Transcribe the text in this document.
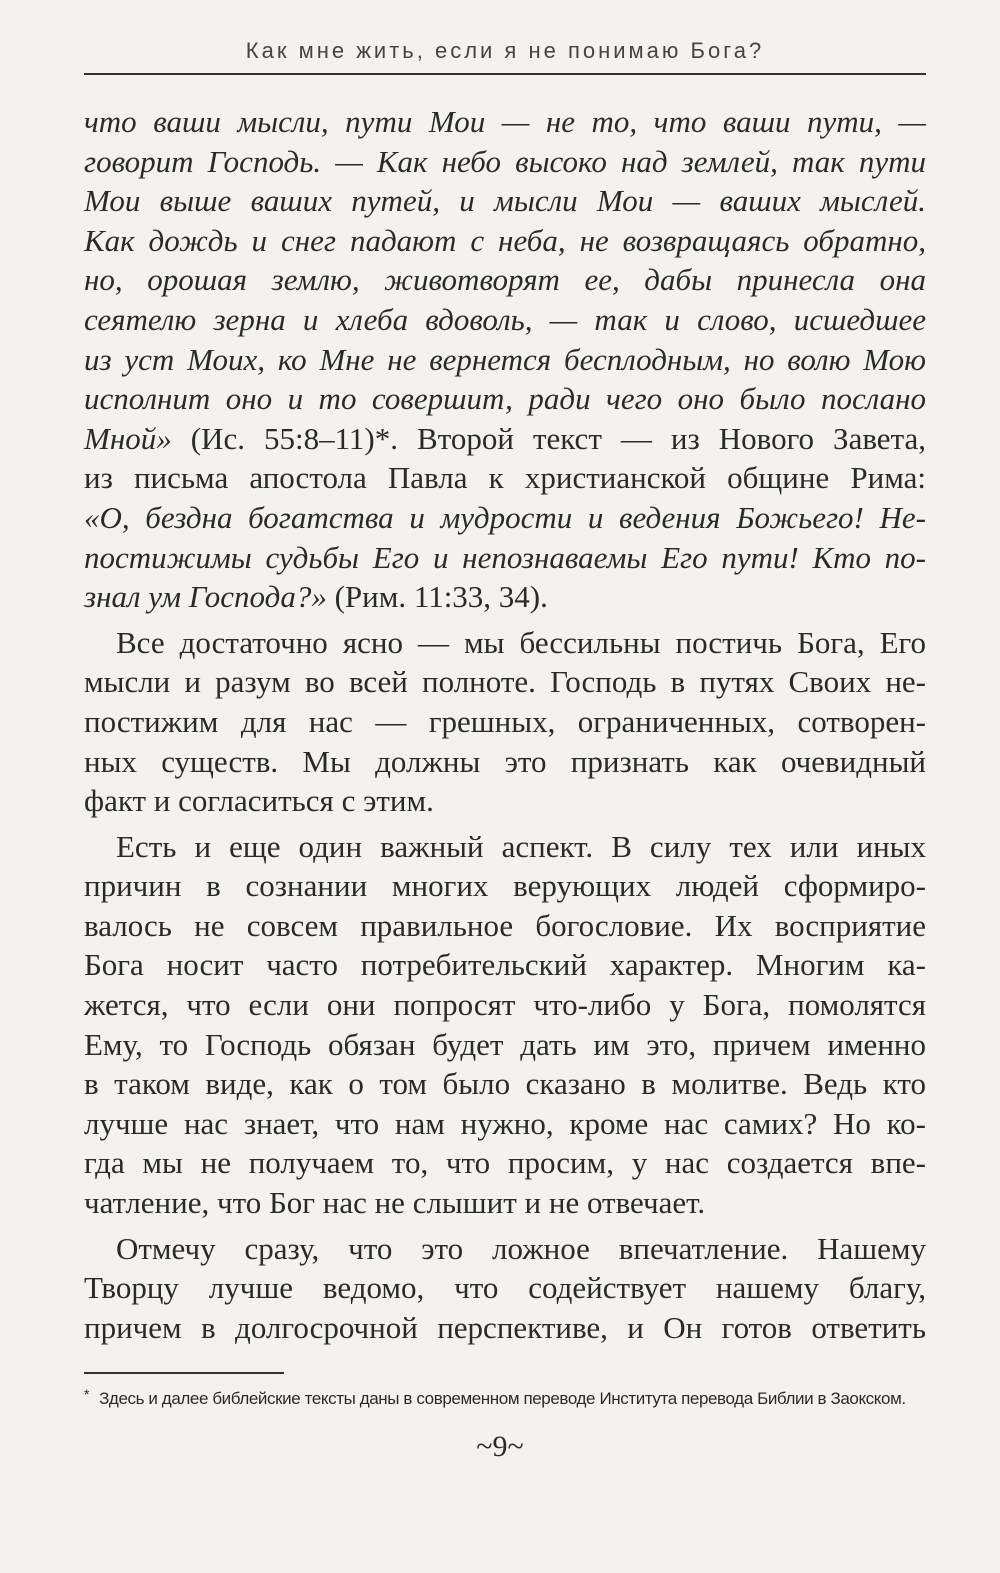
Как мне жить, если я не понимаю Бога?
что ваши мысли, пути Мои — не то, что ваши пути, —
говорит Господь. — Как небо высоко над землей, так пути
Мои выше ваших путей, и мысли Мои — ваших мыслей.
Как дождь и снег падают с неба, не возвращаясь обратно,
но, орошая землю, животворят ее, дабы принесла она
сеятелю зерна и хлеба вдоволь, — так и слово, исшедшее
из уст Моих, ко Мне не вернется бесплодным, но волю Мою
исполнит оно и то совершит, ради чего оно было послано
Мной» (Ис. 55:8–11)*. Второй текст — из Нового Завета,
из письма апостола Павла к христианской общине Рима:
«О, бездна богатства и мудрости и ведения Божьего! Не-
постижимы судьбы Его и непознаваемы Его пути! Кто по-
знал ум Господа?» (Рим. 11:33, 34).
Все достаточно ясно — мы бессильны постичь Бога, Его
мысли и разум во всей полноте. Господь в путях Своих не-
постижим для нас — грешных, ограниченных, сотворен-
ных существ. Мы должны это признать как очевидный
факт и согласиться с этим.
Есть и еще один важный аспект. В силу тех или иных
причин в сознании многих верующих людей сформиро-
валось не совсем правильное богословие. Их восприятие
Бога носит часто потребительский характер. Многим ка-
жется, что если они попросят что-либо у Бога, помолятся
Ему, то Господь обязан будет дать им это, причем именно
в таком виде, как о том было сказано в молитве. Ведь кто
лучше нас знает, что нам нужно, кроме нас самих? Но ко-
гда мы не получаем то, что просим, у нас создается впе-
чатление, что Бог нас не слышит и не отвечает.
Отмечу сразу, что это ложное впечатление. Нашему
Творцу лучше ведомо, что содействует нашему благу,
причем в долгосрочной перспективе, и Он готов ответить
* Здесь и далее библейские тексты даны в современном переводе Института перевода Библии в Заокском.
~9~
